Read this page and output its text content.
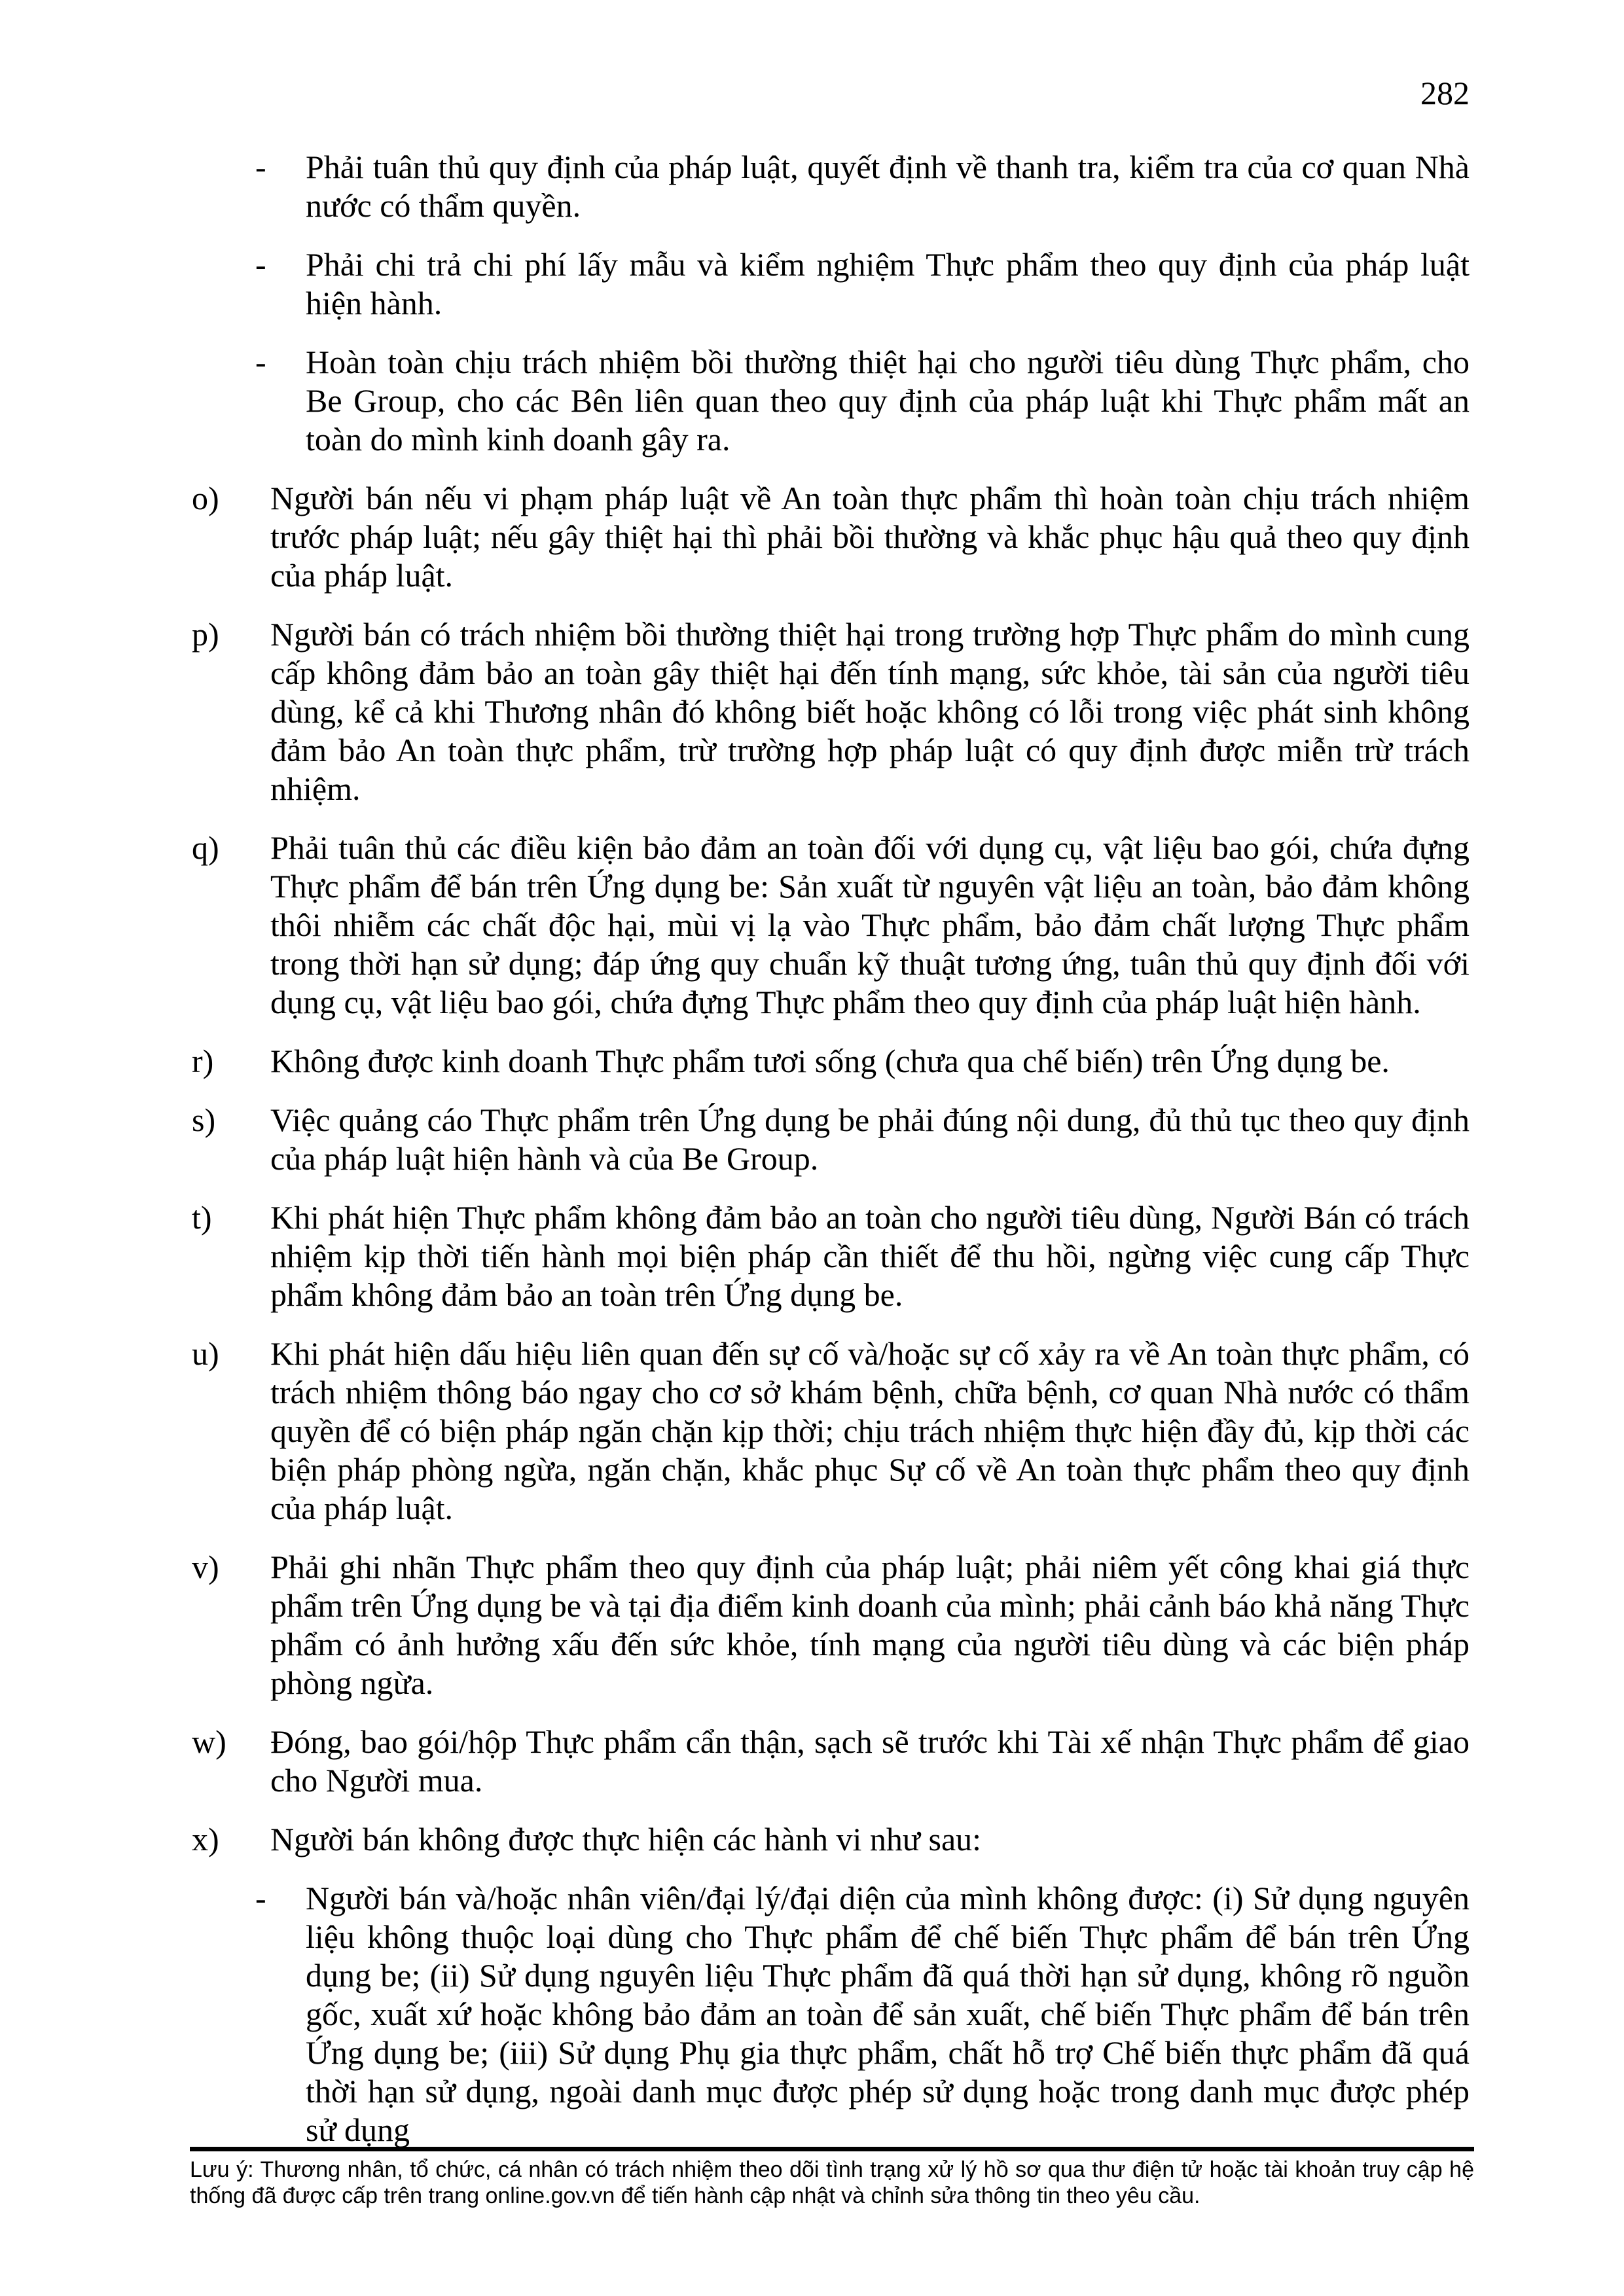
282
-	Phải tuân thủ quy định của pháp luật, quyết định về thanh tra, kiểm tra của cơ quan Nhà nước có thẩm quyền.
-	Phải chi trả chi phí lấy mẫu và kiểm nghiệm Thực phẩm theo quy định của pháp luật hiện hành.
-	Hoàn toàn chịu trách nhiệm bồi thường thiệt hại cho người tiêu dùng Thực phẩm, cho Be Group, cho các Bên liên quan theo quy định của pháp luật khi Thực phẩm mất an toàn do mình kinh doanh gây ra.
o)	Người bán nếu vi phạm pháp luật về An toàn thực phẩm thì hoàn toàn chịu trách nhiệm trước pháp luật; nếu gây thiệt hại thì phải bồi thường và khắc phục hậu quả theo quy định của pháp luật.
p)	Người bán có trách nhiệm bồi thường thiệt hại trong trường hợp Thực phẩm do mình cung cấp không đảm bảo an toàn gây thiệt hại đến tính mạng, sức khỏe, tài sản của người tiêu dùng, kể cả khi Thương nhân đó không biết hoặc không có lỗi trong việc phát sinh không đảm bảo An toàn thực phẩm, trừ trường hợp pháp luật có quy định được miễn trừ trách nhiệm.
q)	Phải tuân thủ các điều kiện bảo đảm an toàn đối với dụng cụ, vật liệu bao gói, chứa đựng Thực phẩm để bán trên Ứng dụng be: Sản xuất từ nguyên vật liệu an toàn, bảo đảm không thôi nhiễm các chất độc hại, mùi vị lạ vào Thực phẩm, bảo đảm chất lượng Thực phẩm trong thời hạn sử dụng; đáp ứng quy chuẩn kỹ thuật tương ứng, tuân thủ quy định đối với dụng cụ, vật liệu bao gói, chứa đựng Thực phẩm theo quy định của pháp luật hiện hành.
r)	Không được kinh doanh Thực phẩm tươi sống (chưa qua chế biến) trên Ứng dụng be.
s)	Việc quảng cáo Thực phẩm trên Ứng dụng be phải đúng nội dung, đủ thủ tục theo quy định của pháp luật hiện hành và của Be Group.
t)	Khi phát hiện Thực phẩm không đảm bảo an toàn cho người tiêu dùng, Người Bán có trách nhiệm kịp thời tiến hành mọi biện pháp cần thiết để thu hồi, ngừng việc cung cấp Thực phẩm không đảm bảo an toàn trên Ứng dụng be.
u)	Khi phát hiện dấu hiệu liên quan đến sự cố và/hoặc sự cố xảy ra về An toàn thực phẩm, có trách nhiệm thông báo ngay cho cơ sở khám bệnh, chữa bệnh, cơ quan Nhà nước có thẩm quyền để có biện pháp ngăn chặn kịp thời; chịu trách nhiệm thực hiện đầy đủ, kịp thời các biện pháp phòng ngừa, ngăn chặn, khắc phục Sự cố về An toàn thực phẩm theo quy định của pháp luật.
v)	Phải ghi nhãn Thực phẩm theo quy định của pháp luật; phải niêm yết công khai giá thực phẩm trên Ứng dụng be và tại địa điểm kinh doanh của mình; phải cảnh báo khả năng Thực phẩm có ảnh hưởng xấu đến sức khỏe, tính mạng của người tiêu dùng và các biện pháp phòng ngừa.
w)	Đóng, bao gói/hộp Thực phẩm cẩn thận, sạch sẽ trước khi Tài xế nhận Thực phẩm để giao cho Người mua.
x)	Người bán không được thực hiện các hành vi như sau:
-	Người bán và/hoặc nhân viên/đại lý/đại diện của mình không được: (i) Sử dụng nguyên liệu không thuộc loại dùng cho Thực phẩm để chế biến Thực phẩm để bán trên Ứng dụng be; (ii) Sử dụng nguyên liệu Thực phẩm đã quá thời hạn sử dụng, không rõ nguồn gốc, xuất xứ hoặc không bảo đảm an toàn để sản xuất, chế biến Thực phẩm để bán trên Ứng dụng be; (iii) Sử dụng Phụ gia thực phẩm, chất hỗ trợ Chế biến thực phẩm đã quá thời hạn sử dụng, ngoài danh mục được phép sử dụng hoặc trong danh mục được phép sử dụng
Lưu ý: Thương nhân, tổ chức, cá nhân có trách nhiệm theo dõi tình trạng xử lý hồ sơ qua thư điện tử hoặc tài khoản truy cập hệ thống đã được cấp trên trang online.gov.vn để tiến hành cập nhật và chỉnh sửa thông tin theo yêu cầu.
